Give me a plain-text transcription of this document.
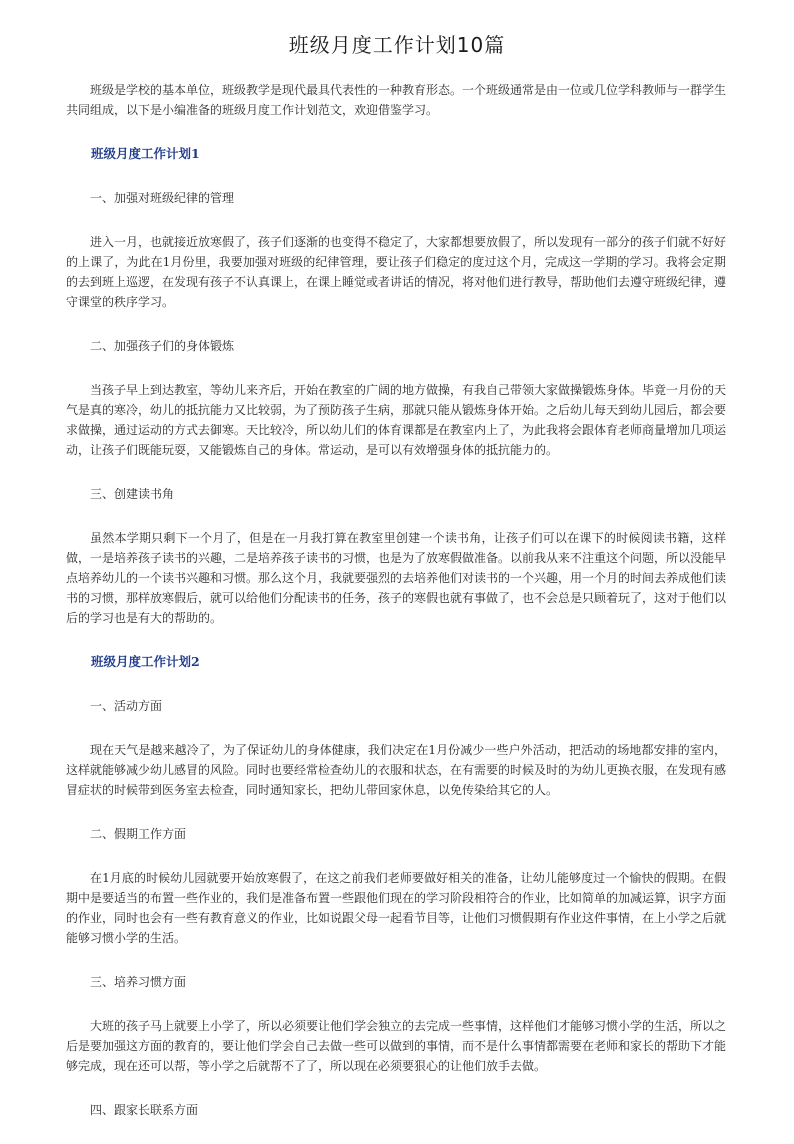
班级月度工作计划10篇

班级是学校的基本单位，班级教学是现代最具代表性的一种教育形态。一个班级通常是由一位或几位学科教师与一群学生共同组成，以下是小编准备的班级月度工作计划范文，欢迎借鉴学习。

班级月度工作计划1

一、加强对班级纪律的管理

进入一月，也就接近放寒假了，孩子们逐渐的也变得不稳定了，大家都想要放假了，所以发现有一部分的孩子们就不好好的上课了，为此在1月份里，我要加强对班级的纪律管理，要让孩子们稳定的度过这个月，完成这一学期的学习。我将会定期的去到班上巡逻，在发现有孩子不认真课上，在课上睡觉或者讲话的情况，将对他们进行教导，帮助他们去遵守班级纪律，遵守课堂的秩序学习。

二、加强孩子们的身体锻炼

当孩子早上到达教室，等幼儿来齐后，开始在教室的广阔的地方做操，有我自己带领大家做操锻炼身体。毕竟一月份的天气是真的寒冷，幼儿的抵抗能力又比较弱，为了预防孩子生病，那就只能从锻炼身体开始。之后幼儿每天到幼儿园后，都会要求做操，通过运动的方式去御寒。天比较冷，所以幼儿们的体育课都是在教室内上了，为此我将会跟体育老师商量增加几项运动，让孩子们既能玩耍，又能锻炼自己的身体。常运动，是可以有效增强身体的抵抗能力的。

三、创建读书角

虽然本学期只剩下一个月了，但是在一月我打算在教室里创建一个读书角，让孩子们可以在课下的时候阅读书籍，这样做，一是培养孩子读书的兴趣，二是培养孩子读书的习惯，也是为了放寒假做准备。以前我从来不注重这个问题，所以没能早点培养幼儿的一个读书兴趣和习惯。那么这个月，我就要强烈的去培养他们对读书的一个兴趣，用一个月的时间去养成他们读书的习惯，那样放寒假后，就可以给他们分配读书的任务，孩子的寒假也就有事做了，也不会总是只顾着玩了，这对于他们以后的学习也是有大的帮助的。

班级月度工作计划2

一、活动方面

现在天气是越来越冷了，为了保证幼儿的身体健康，我们决定在1月份减少一些户外活动，把活动的场地都安排的室内，这样就能够减少幼儿感冒的风险。同时也要经常检查幼儿的衣服和状态，在有需要的时候及时的为幼儿更换衣服，在发现有感冒症状的时候带到医务室去检查，同时通知家长，把幼儿带回家休息，以免传染给其它的人。

二、假期工作方面

在1月底的时候幼儿园就要开始放寒假了，在这之前我们老师要做好相关的准备，让幼儿能够度过一个愉快的假期。在假期中是要适当的布置一些作业的，我们是准备布置一些跟他们现在的学习阶段相符合的作业，比如简单的加减运算，识字方面的作业，同时也会有一些有教育意义的作业，比如说跟父母一起看节目等，让他们习惯假期有作业这件事情，在上小学之后就能够习惯小学的生活。

三、培养习惯方面

大班的孩子马上就要上小学了，所以必须要让他们学会独立的去完成一些事情，这样他们才能够习惯小学的生活，所以之后是要加强这方面的教育的，要让他们学会自己去做一些可以做到的事情，而不是什么事情都需要在老师和家长的帮助下才能够完成，现在还可以帮，等小学之后就帮不了了，所以现在必须要狠心的让他们放手去做。

四、跟家长联系方面
